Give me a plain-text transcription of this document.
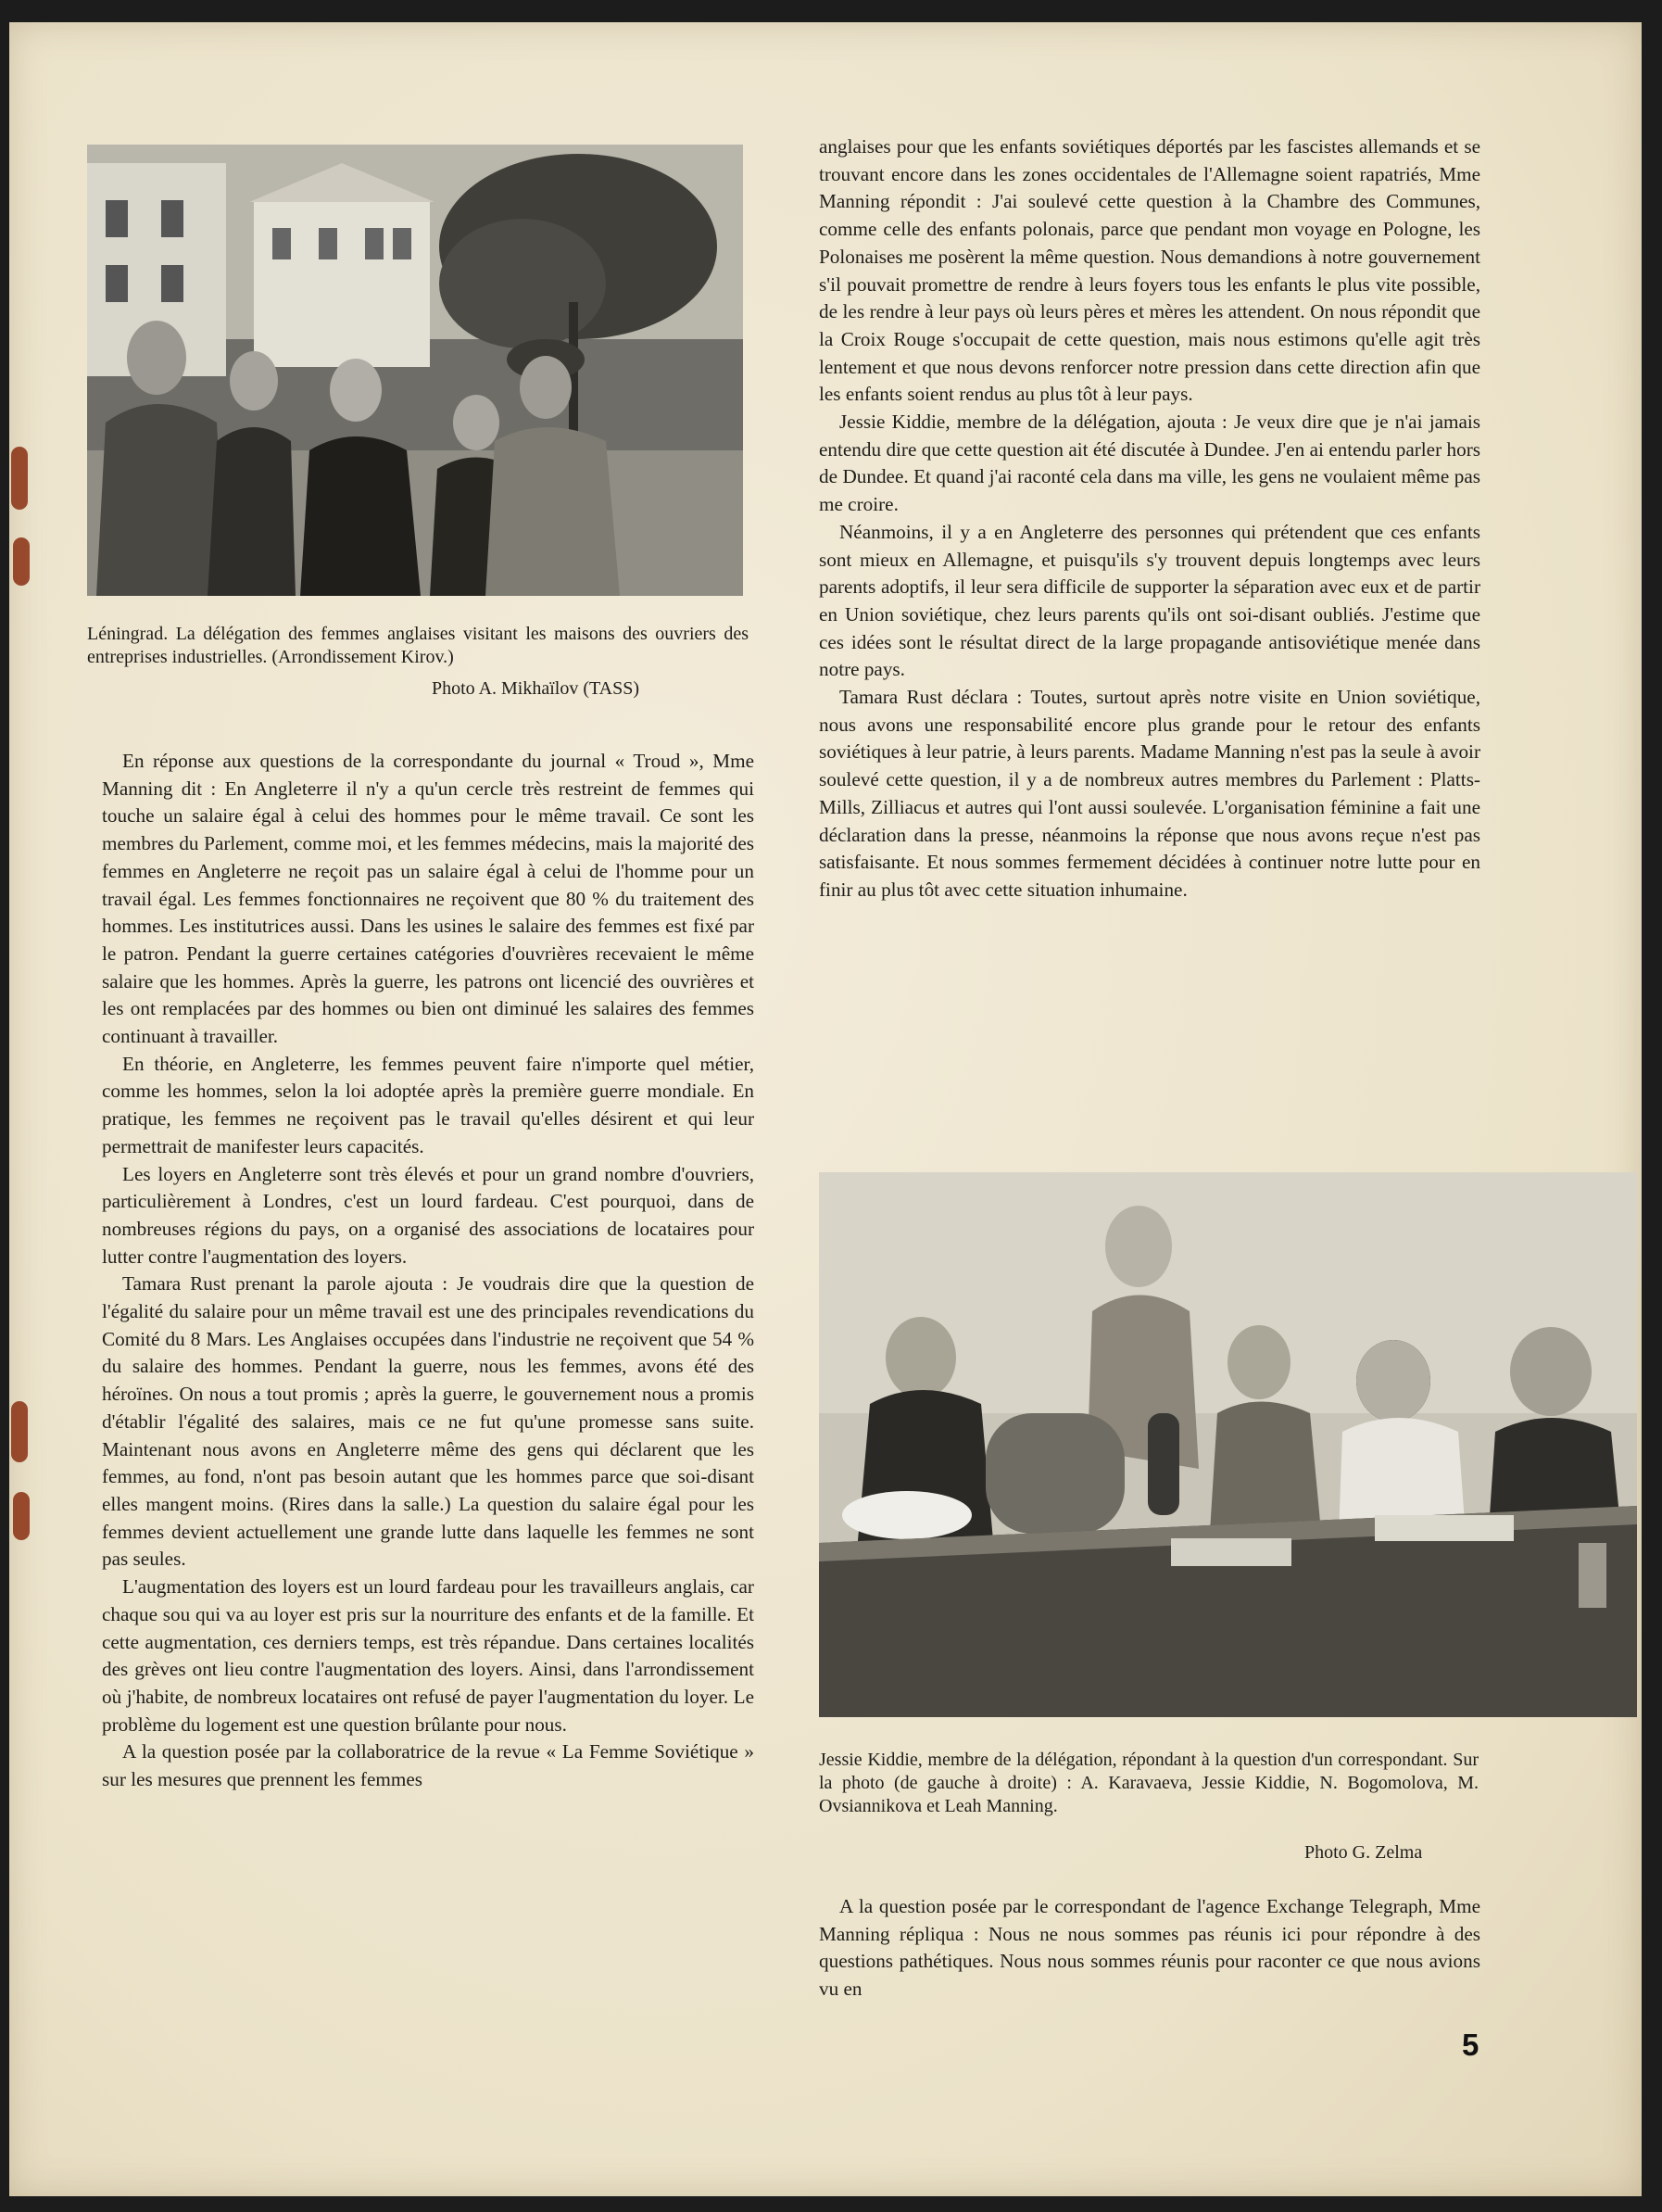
Léningrad. La délégation des femmes anglaises visitant les maisons des ouvriers des entreprises industrielles. (Arrondissement Kirov.)
Photo A. Mikhaïlov (TASS)

En réponse aux questions de la correspondante du journal « Troud », Mme Manning dit : En Angleterre il n'y a qu'un cercle très restreint de femmes qui touche un salaire égal à celui des hommes pour le même travail. Ce sont les membres du Parlement, comme moi, et les femmes médecins, mais la majorité des femmes en Angleterre ne reçoit pas un salaire égal à celui de l'homme pour un travail égal. Les femmes fonctionnaires ne reçoivent que 80 % du traitement des hommes. Les institutrices aussi. Dans les usines le salaire des femmes est fixé par le patron. Pendant la guerre certaines catégories d'ouvrières recevaient le même salaire que les hommes. Après la guerre, les patrons ont licencié des ouvrières et les ont remplacées par des hommes ou bien ont diminué les salaires des femmes continuant à travailler.

En théorie, en Angleterre, les femmes peuvent faire n'importe quel métier, comme les hommes, selon la loi adoptée après la première guerre mondiale. En pratique, les femmes ne reçoivent pas le travail qu'elles désirent et qui leur permettrait de manifester leurs capacités.

Les loyers en Angleterre sont très élevés et pour un grand nombre d'ouvriers, particulièrement à Londres, c'est un lourd fardeau. C'est pourquoi, dans de nombreuses régions du pays, on a organisé des associations de locataires pour lutter contre l'augmentation des loyers.

Tamara Rust prenant la parole ajouta : Je voudrais dire que la question de l'égalité du salaire pour un même travail est une des principales revendications du Comité du 8 Mars. Les Anglaises occupées dans l'industrie ne reçoivent que 54 % du salaire des hommes. Pendant la guerre, nous les femmes, avons été des héroïnes. On nous a tout promis ; après la guerre, le gouvernement nous a promis d'établir l'égalité des salaires, mais ce ne fut qu'une promesse sans suite. Maintenant nous avons en Angleterre même des gens qui déclarent que les femmes, au fond, n'ont pas besoin autant que les hommes parce que soi-disant elles mangent moins. (Rires dans la salle.) La question du salaire égal pour les femmes devient actuellement une grande lutte dans laquelle les femmes ne sont pas seules.

L'augmentation des loyers est un lourd fardeau pour les travailleurs anglais, car chaque sou qui va au loyer est pris sur la nourriture des enfants et de la famille. Et cette augmentation, ces derniers temps, est très répandue. Dans certaines localités des grèves ont lieu contre l'augmentation des loyers. Ainsi, dans l'arrondissement où j'habite, de nombreux locataires ont refusé de payer l'augmentation du loyer. Le problème du logement est une question brûlante pour nous.

A la question posée par la collaboratrice de la revue « La Femme Soviétique » sur les mesures que prennent les femmes

anglaises pour que les enfants soviétiques déportés par les fascistes allemands et se trouvant encore dans les zones occidentales de l'Allemagne soient rapatriés, Mme Manning répondit : J'ai soulevé cette question à la Chambre des Communes, comme celle des enfants polonais, parce que pendant mon voyage en Pologne, les Polonaises me posèrent la même question. Nous demandions à notre gouvernement s'il pouvait promettre de rendre à leurs foyers tous les enfants le plus vite possible, de les rendre à leur pays où leurs pères et mères les attendent. On nous répondit que la Croix Rouge s'occupait de cette question, mais nous estimons qu'elle agit très lentement et que nous devons renforcer notre pression dans cette direction afin que les enfants soient rendus au plus tôt à leur pays.

Jessie Kiddie, membre de la délégation, ajouta : Je veux dire que je n'ai jamais entendu dire que cette question ait été discutée à Dundee. J'en ai entendu parler hors de Dundee. Et quand j'ai raconté cela dans ma ville, les gens ne voulaient même pas me croire.

Néanmoins, il y a en Angleterre des personnes qui prétendent que ces enfants sont mieux en Allemagne, et puisqu'ils s'y trouvent depuis longtemps avec leurs parents adoptifs, il leur sera difficile de supporter la séparation avec eux et de partir en Union soviétique, chez leurs parents qu'ils ont soi-disant oubliés. J'estime que ces idées sont le résultat direct de la large propagande antisoviétique menée dans notre pays.

Tamara Rust déclara : Toutes, surtout après notre visite en Union soviétique, nous avons une responsabilité encore plus grande pour le retour des enfants soviétiques à leur patrie, à leurs parents. Madame Manning n'est pas la seule à avoir soulevé cette question, il y a de nombreux autres membres du Parlement : Platts-Mills, Zilliacus et autres qui l'ont aussi soulevée. L'organisation féminine a fait une déclaration dans la presse, néanmoins la réponse que nous avons reçue n'est pas satisfaisante. Et nous sommes fermement décidées à continuer notre lutte pour en finir au plus tôt avec cette situation inhumaine.

Jessie Kiddie, membre de la délégation, répondant à la question d'un correspondant. Sur la photo (de gauche à droite) : A. Karavaeva, Jessie Kiddie, N. Bogomolova, M. Ovsiannikova et Leah Manning.
Photo G. Zelma

A la question posée par le correspondant de l'agence Exchange Telegraph, Mme Manning répliqua : Nous ne nous sommes pas réunis ici pour répondre à des questions pathétiques. Nous nous sommes réunis pour raconter ce que nous avions vu en

5
